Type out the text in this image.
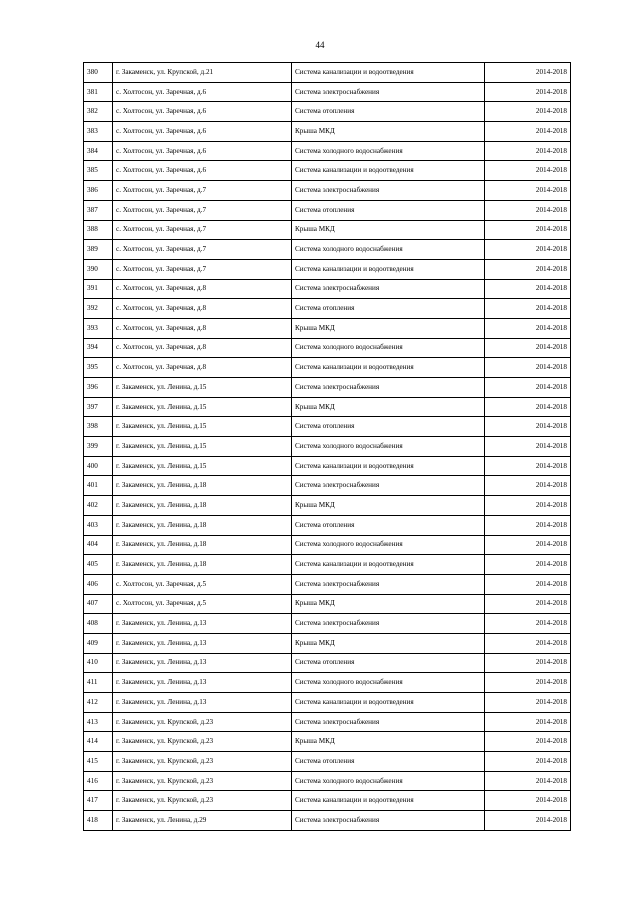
44
380	г. Закаменск, ул. Крупской, д.21	Система канализации и водоотведения	2014-2018
381	с. Холтосон, ул. Заречная, д.6	Система электроснабжения	2014-2018
382	с. Холтосон, ул. Заречная, д.6	Система отопления	2014-2018
383	с. Холтосон, ул. Заречная, д.6	Крыша МКД	2014-2018
384	с. Холтосон, ул. Заречная, д.6	Система холодного водоснабжения	2014-2018
385	с. Холтосон, ул. Заречная, д.6	Система канализации и водоотведения	2014-2018
386	с. Холтосон, ул. Заречная, д.7	Система электроснабжения	2014-2018
387	с. Холтосон, ул. Заречная, д.7	Система отопления	2014-2018
388	с. Холтосон, ул. Заречная, д.7	Крыша МКД	2014-2018
389	с. Холтосон, ул. Заречная, д.7	Система холодного водоснабжения	2014-2018
390	с. Холтосон, ул. Заречная, д.7	Система канализации и водоотведения	2014-2018
391	с. Холтосон, ул. Заречная, д.8	Система электроснабжения	2014-2018
392	с. Холтосон, ул. Заречная, д.8	Система отопления	2014-2018
393	с. Холтосон, ул. Заречная, д.8	Крыша МКД	2014-2018
394	с. Холтосон, ул. Заречная, д.8	Система холодного водоснабжения	2014-2018
395	с. Холтосон, ул. Заречная, д.8	Система канализации и водоотведения	2014-2018
396	г. Закаменск, ул. Ленина, д.15	Система электроснабжения	2014-2018
397	г. Закаменск, ул. Ленина, д.15	Крыша МКД	2014-2018
398	г. Закаменск, ул. Ленина, д.15	Система отопления	2014-2018
399	г. Закаменск, ул. Ленина, д.15	Система холодного водоснабжения	2014-2018
400	г. Закаменск, ул. Ленина, д.15	Система канализации и водоотведения	2014-2018
401	г. Закаменск, ул. Ленина, д.18	Система электроснабжения	2014-2018
402	г. Закаменск, ул. Ленина, д.18	Крыша МКД	2014-2018
403	г. Закаменск, ул. Ленина, д.18	Система отопления	2014-2018
404	г. Закаменск, ул. Ленина, д.18	Система холодного водоснабжения	2014-2018
405	г. Закаменск, ул. Ленина, д.18	Система канализации и водоотведения	2014-2018
406	с. Холтосон, ул. Заречная, д.5	Система электроснабжения	2014-2018
407	с. Холтосон, ул. Заречная, д.5	Крыша МКД	2014-2018
408	г. Закаменск, ул. Ленина, д.13	Система электроснабжения	2014-2018
409	г. Закаменск, ул. Ленина, д.13	Крыша МКД	2014-2018
410	г. Закаменск, ул. Ленина, д.13	Система отопления	2014-2018
411	г. Закаменск, ул. Ленина, д.13	Система холодного водоснабжения	2014-2018
412	г. Закаменск, ул. Ленина, д.13	Система канализации и водоотведения	2014-2018
413	г. Закаменск, ул. Крупской, д.23	Система электроснабжения	2014-2018
414	г. Закаменск, ул. Крупской, д.23	Крыша МКД	2014-2018
415	г. Закаменск, ул. Крупской, д.23	Система отопления	2014-2018
416	г. Закаменск, ул. Крупской, д.23	Система холодного водоснабжения	2014-2018
417	г. Закаменск, ул. Крупской, д.23	Система канализации и водоотведения	2014-2018
418	г. Закаменск, ул. Ленина, д.29	Система электроснабжения	2014-2018
